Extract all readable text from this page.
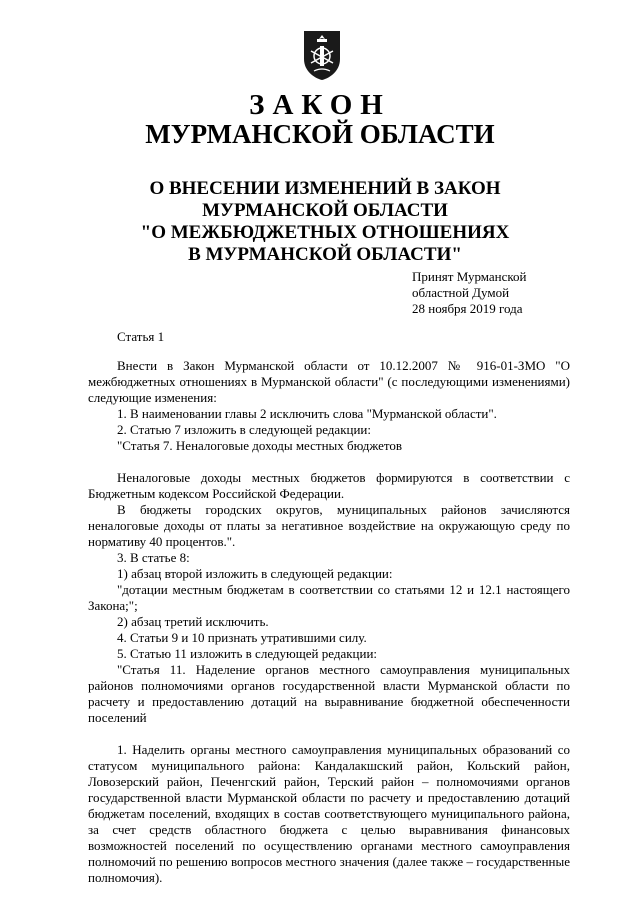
ЗАКОН
МУРМАНСКОЙ ОБЛАСТИ
О ВНЕСЕНИИ ИЗМЕНЕНИЙ В ЗАКОН
МУРМАНСКОЙ ОБЛАСТИ
"О МЕЖБЮДЖЕТНЫХ ОТНОШЕНИЯХ
В МУРМАНСКОЙ ОБЛАСТИ"
Принят Мурманской
областной Думой
28 ноября 2019 года
Статья 1

Внести в Закон Мурманской области от 10.12.2007 № 916-01-ЗМО "О межбюджетных отношениях в Мурманской области" (с последующими изменениями) следующие изменения:

1. В наименовании главы 2 исключить слова "Мурманской области".

2. Статью 7 изложить в следующей редакции:

"Статья 7. Неналоговые доходы местных бюджетов

Неналоговые доходы местных бюджетов формируются в соответствии с Бюджетным кодексом Российской Федерации.

В бюджеты городских округов, муниципальных районов зачисляются неналоговые доходы от платы за негативное воздействие на окружающую среду по нормативу 40 процентов.".

3. В статье 8:

1) абзац второй изложить в следующей редакции:

"дотации местным бюджетам в соответствии со статьями 12 и 12.1 настоящего Закона;";

2) абзац третий исключить.

4. Статьи 9 и 10 признать утратившими силу.

5. Статью 11 изложить в следующей редакции:

"Статья 11. Наделение органов местного самоуправления муниципальных районов полномочиями органов государственной власти Мурманской области по расчету и предоставлению дотаций на выравнивание бюджетной обеспеченности поселений

1. Наделить органы местного самоуправления муниципальных образований со статусом муниципального района: Кандалакшский район, Кольский район, Ловозерский район, Печенгский район, Терский район – полномочиями органов государственной власти Мурманской области по расчету и предоставлению дотаций бюджетам поселений, входящих в состав соответствующего муниципального района, за счет средств областного бюджета с целью выравнивания финансовых возможностей поселений по осуществлению органами местного самоуправления полномочий по решению вопросов местного значения (далее также – государственные полномочия).
